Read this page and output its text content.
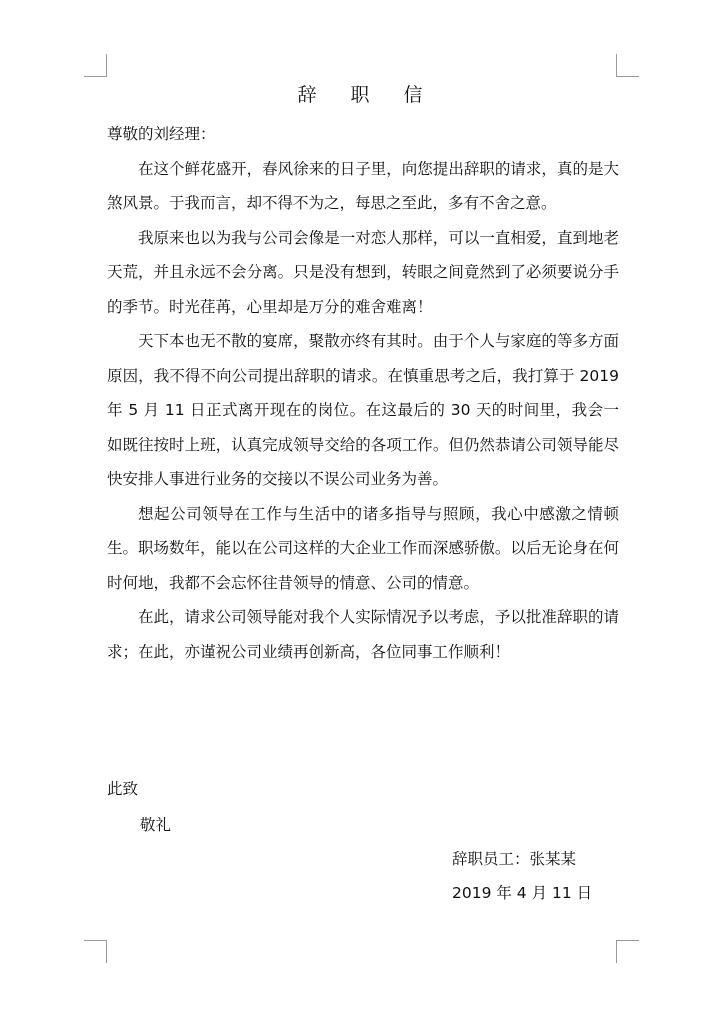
辞 职 信

尊敬的刘经理：

在这个鲜花盛开，春风徐来的日子里，向您提出辞职的请求，真的是大煞风景。于我而言，却不得不为之，每思之至此，多有不舍之意。

我原来也以为我与公司会像是一对恋人那样，可以一直相爱，直到地老天荒，并且永远不会分离。只是没有想到，转眼之间竟然到了必须要说分手的季节。时光荏苒，心里却是万分的难舍难离！

天下本也无不散的宴席，聚散亦终有其时。由于个人与家庭的等多方面原因，我不得不向公司提出辞职的请求。在慎重思考之后，我打算于 2019 年 5 月 11 日正式离开现在的岗位。在这最后的 30 天的时间里，我会一如既往按时上班，认真完成领导交给的各项工作。但仍然恭请公司领导能尽快安排人事进行业务的交接以不误公司业务为善。

想起公司领导在工作与生活中的诸多指导与照顾，我心中感激之情顿生。职场数年，能以在公司这样的大企业工作而深感骄傲。以后无论身在何时何地，我都不会忘怀往昔领导的情意、公司的情意。

在此，请求公司领导能对我个人实际情况予以考虑，予以批准辞职的请求；在此，亦谨祝公司业绩再创新高，各位同事工作顺利！

此致
敬礼
辞职员工：张某某
2019 年 4 月 11 日
